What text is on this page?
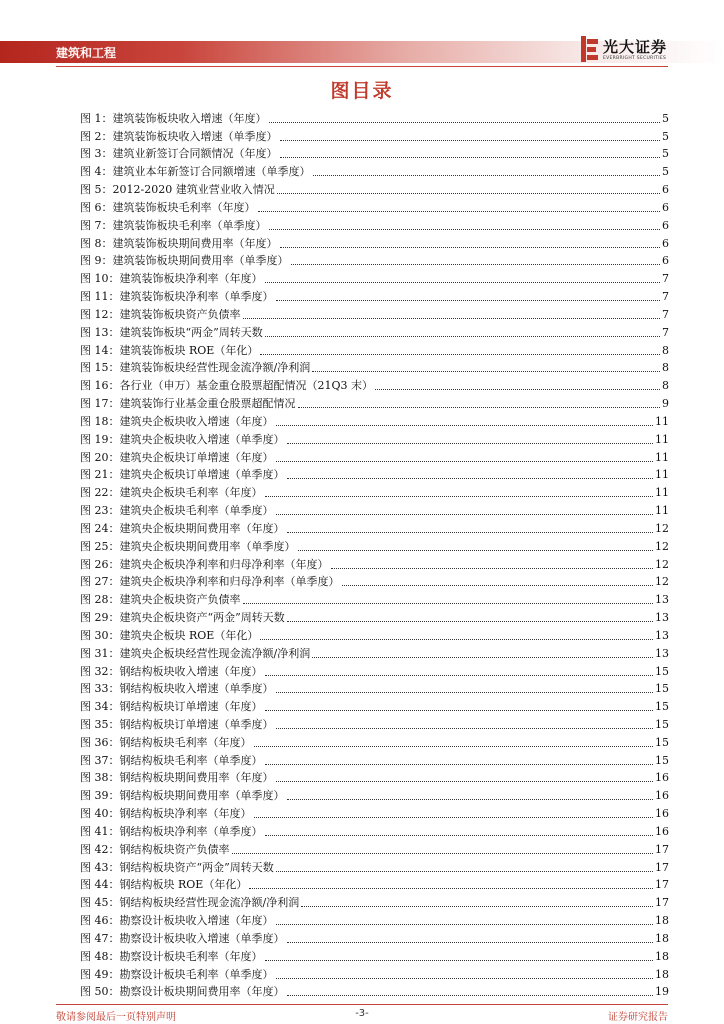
建筑和工程	光大证券
EVERBRIGHT SECURITIES
图目录
图 1：建筑装饰板块收入增速（年度）	5
图 2：建筑装饰板块收入增速（单季度）	5
图 3：建筑业新签订合同额情况（年度）	5
图 4：建筑业本年新签订合同额增速（单季度）	5
图 5：2012-2020 建筑业营业收入情况	6
图 6：建筑装饰板块毛利率（年度）	6
图 7：建筑装饰板块毛利率（单季度）	6
图 8：建筑装饰板块期间费用率（年度）	6
图 9：建筑装饰板块期间费用率（单季度）	6
图 10：建筑装饰板块净利率（年度）	7
图 11：建筑装饰板块净利率（单季度）	7
图 12：建筑装饰板块资产负债率	7
图 13：建筑装饰板块“两金”周转天数	7
图 14：建筑装饰板块 ROE（年化）	8
图 15：建筑装饰板块经营性现金流净额/净利润	8
图 16：各行业（申万）基金重仓股票超配情况（21Q3 末）	8
图 17：建筑装饰行业基金重仓股票超配情况	9
图 18：建筑央企板块收入增速（年度）	11
图 19：建筑央企板块收入增速（单季度）	11
图 20：建筑央企板块订单增速（年度）	11
图 21：建筑央企板块订单增速（单季度）	11
图 22：建筑央企板块毛利率（年度）	11
图 23：建筑央企板块毛利率（单季度）	11
图 24：建筑央企板块期间费用率（年度）	12
图 25：建筑央企板块期间费用率（单季度）	12
图 26：建筑央企板块净利率和归母净利率（年度）	12
图 27：建筑央企板块净利率和归母净利率（单季度）	12
图 28：建筑央企板块资产负债率	13
图 29：建筑央企板块资产“两金”周转天数	13
图 30：建筑央企板块 ROE（年化）	13
图 31：建筑央企板块经营性现金流净额/净利润	13
图 32：钢结构板块收入增速（年度）	15
图 33：钢结构板块收入增速（单季度）	15
图 34：钢结构板块订单增速（年度）	15
图 35：钢结构板块订单增速（单季度）	15
图 36：钢结构板块毛利率（年度）	15
图 37：钢结构板块毛利率（单季度）	15
图 38：钢结构板块期间费用率（年度）	16
图 39：钢结构板块期间费用率（单季度）	16
图 40：钢结构板块净利率（年度）	16
图 41：钢结构板块净利率（单季度）	16
图 42：钢结构板块资产负债率	17
图 43：钢结构板块资产“两金”周转天数	17
图 44：钢结构板块 ROE（年化）	17
图 45：钢结构板块经营性现金流净额/净利润	17
图 46：勘察设计板块收入增速（年度）	18
图 47：勘察设计板块收入增速（单季度）	18
图 48：勘察设计板块毛利率（年度）	18
图 49：勘察设计板块毛利率（单季度）	18
图 50：勘察设计板块期间费用率（年度）	19
敬请参阅最后一页特别声明	-3-	证券研究报告
